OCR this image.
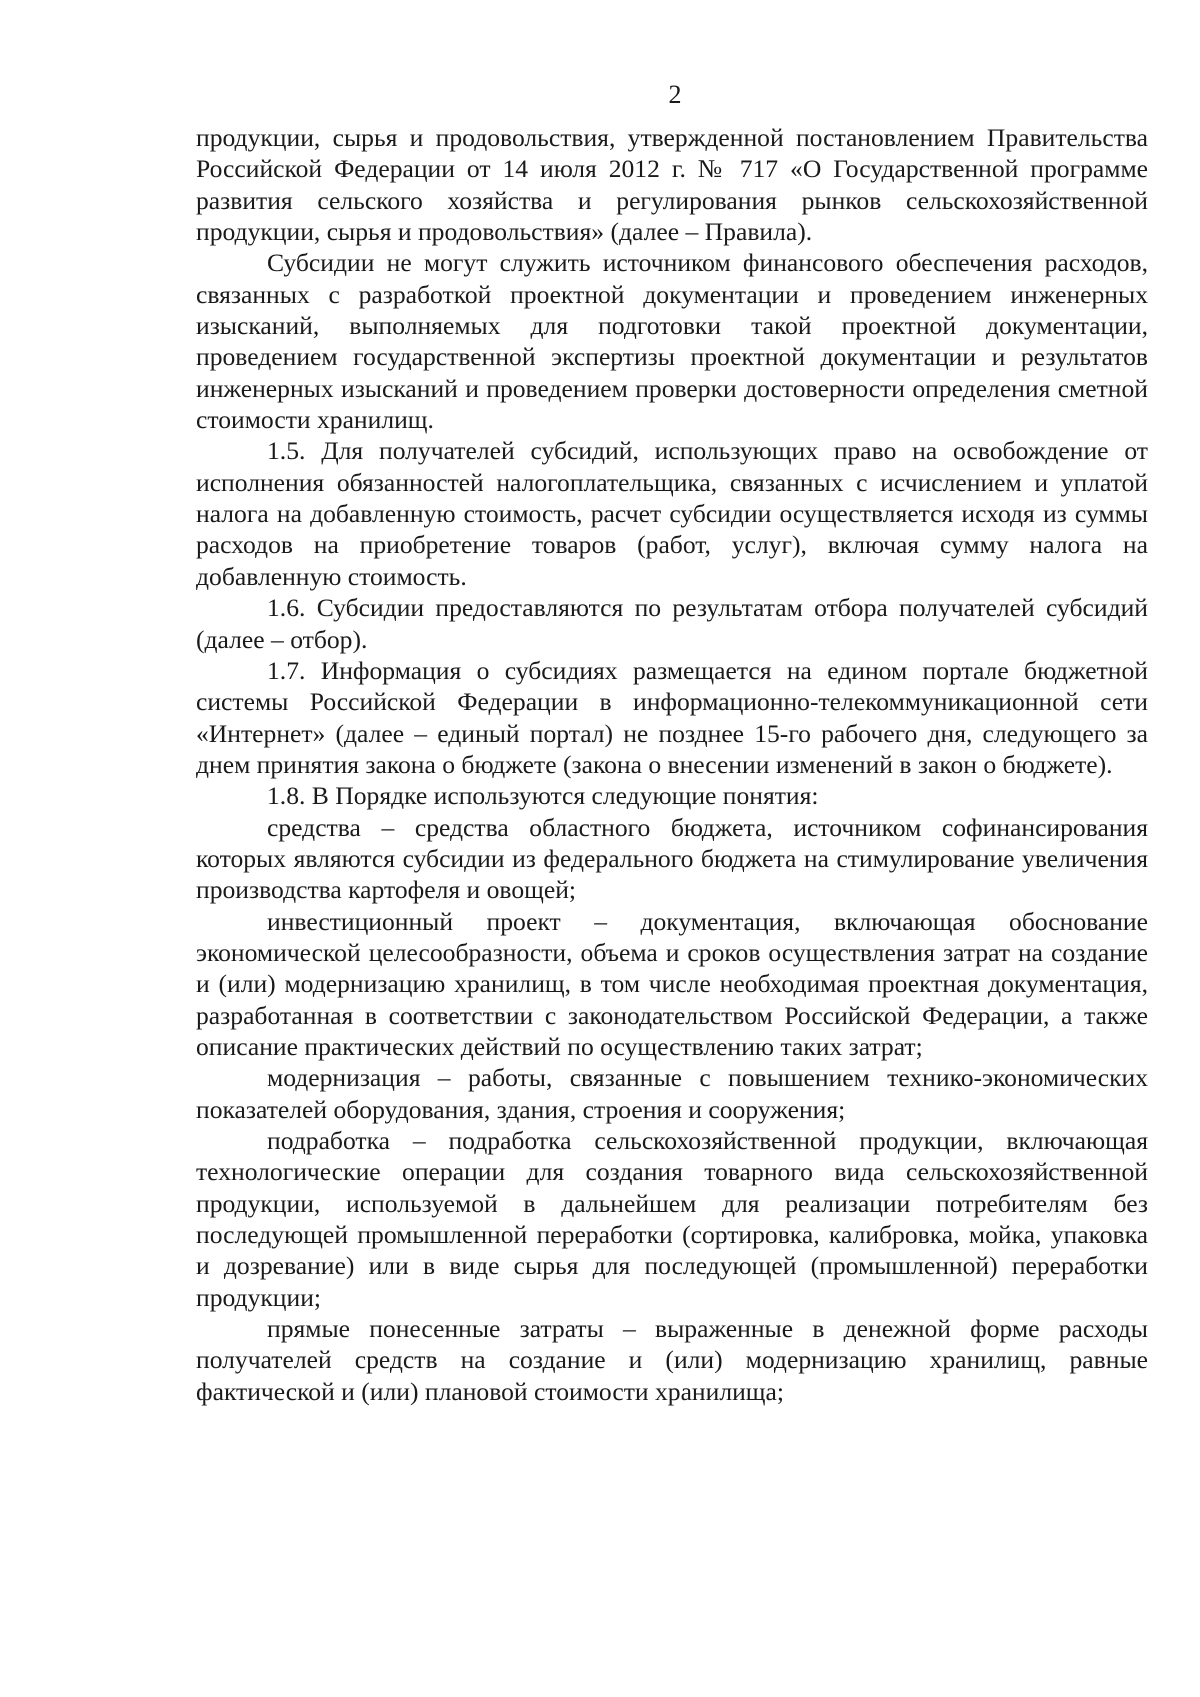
2

продукции, сырья и продовольствия, утвержденной постановлением Правительства Российской Федерации от 14 июля 2012 г. № 717 «О Государственной программе развития сельского хозяйства и регулирования рынков сельскохозяйственной продукции, сырья и продовольствия» (далее – Правила).

Субсидии не могут служить источником финансового обеспечения расходов, связанных с разработкой проектной документации и проведением инженерных изысканий, выполняемых для подготовки такой проектной документации, проведением государственной экспертизы проектной документации и результатов инженерных изысканий и проведением проверки достоверности определения сметной стоимости хранилищ.

1.5. Для получателей субсидий, использующих право на освобождение от исполнения обязанностей налогоплательщика, связанных с исчислением и уплатой налога на добавленную стоимость, расчет субсидии осуществляется исходя из суммы расходов на приобретение товаров (работ, услуг), включая сумму налога на добавленную стоимость.

1.6. Субсидии предоставляются по результатам отбора получателей субсидий (далее – отбор).

1.7. Информация о субсидиях размещается на едином портале бюджетной системы Российской Федерации в информационно-телекоммуникационной сети «Интернет» (далее – единый портал) не позднее 15-го рабочего дня, следующего за днем принятия закона о бюджете (закона о внесении изменений в закон о бюджете).

1.8. В Порядке используются следующие понятия:

средства – средства областного бюджета, источником софинансирования которых являются субсидии из федерального бюджета на стимулирование увеличения производства картофеля и овощей;

инвестиционный проект – документация, включающая обоснование экономической целесообразности, объема и сроков осуществления затрат на создание и (или) модернизацию хранилищ, в том числе необходимая проектная документация, разработанная в соответствии с законодательством Российской Федерации, а также описание практических действий по осуществлению таких затрат;

модернизация – работы, связанные с повышением технико-экономических показателей оборудования, здания, строения и сооружения;

подработка – подработка сельскохозяйственной продукции, включающая технологические операции для создания товарного вида сельскохозяйственной продукции, используемой в дальнейшем для реализации потребителям без последующей промышленной переработки (сортировка, калибровка, мойка, упаковка и дозревание) или в виде сырья для последующей (промышленной) переработки продукции;

прямые понесенные затраты – выраженные в денежной форме расходы получателей средств на создание и (или) модернизацию хранилищ, равные фактической и (или) плановой стоимости хранилища;
